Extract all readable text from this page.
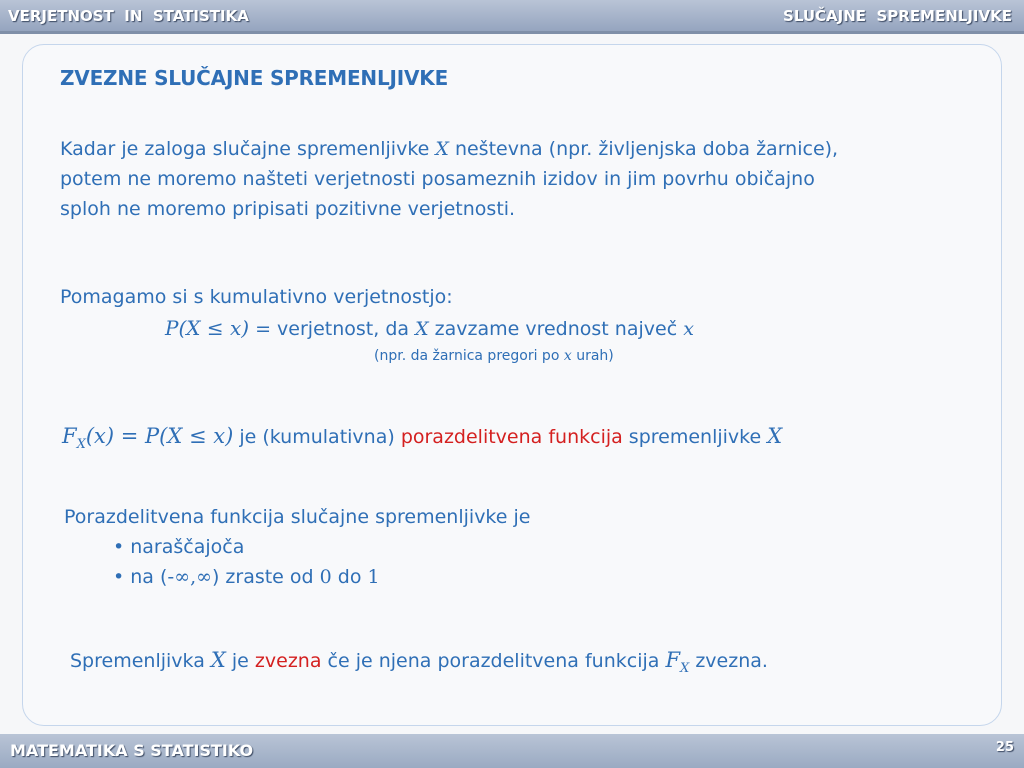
VERJETNOST  IN  STATISTIKA	SLUČAJNE  SPREMENLJIVKE
ZVEZNE SLUČAJNE SPREMENLJIVKE
Kadar je zaloga slučajne spremenljivke X neštevna (npr. življenjska doba žarnice),
potem ne moremo našteti verjetnosti posameznih izidov in jim povrhu običajno
sploh ne moremo pripisati pozitivne verjetnosti.
Pomagamo si s kumulativno verjetnostjo:
P(X ≤ x) = verjetnost, da X zavzame vrednost največ x
(npr. da žarnica pregori po x urah)
$F_X(x) = P(X \le x)$ je (kumulativna) porazdelitvena funkcija spremenljivke X
Porazdelitvena funkcija slučajne spremenljivke je
• naraščajoča
• na (-∞,∞) zraste od 0 do 1
Spremenljivka X je zvezna če je njena porazdelitvena funkcija $F_X$ zvezna.
MATEMATIKA S STATISTIKO	25
